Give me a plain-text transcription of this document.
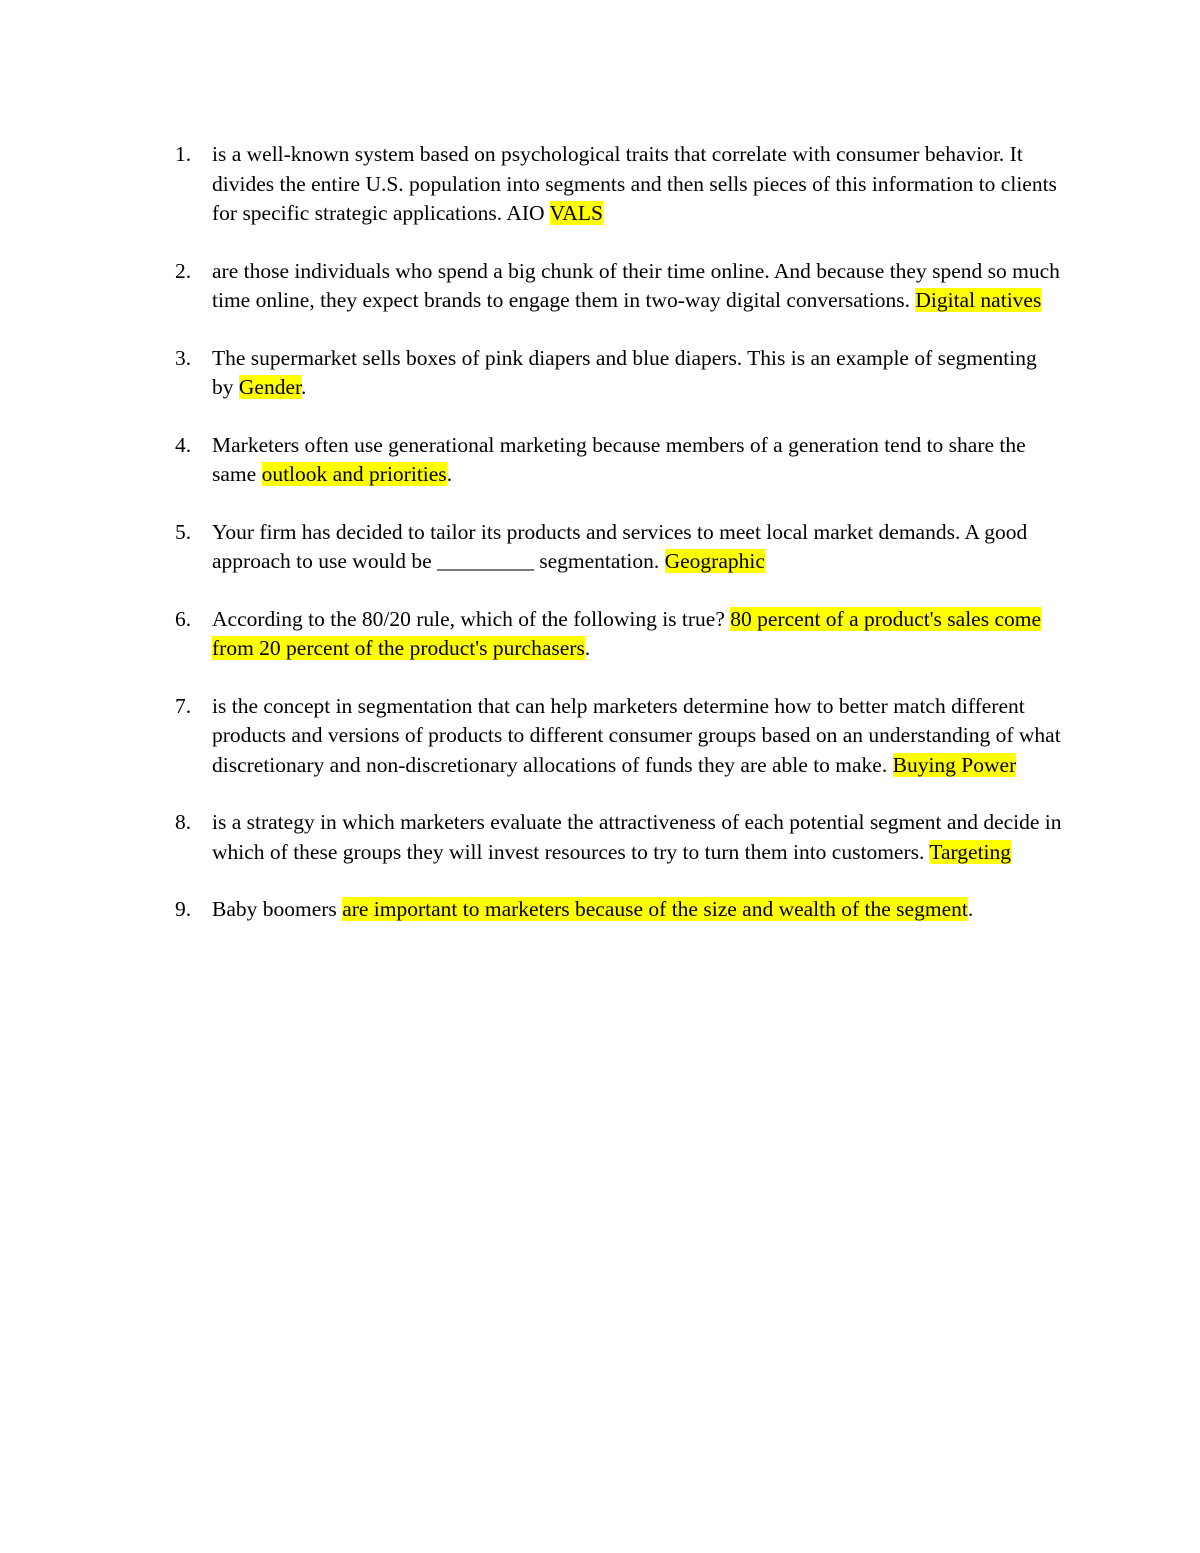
1. is a well-known system based on psychological traits that correlate with consumer behavior. It divides the entire U.S. population into segments and then sells pieces of this information to clients for specific strategic applications. AIO VALS
2. are those individuals who spend a big chunk of their time online. And because they spend so much time online, they expect brands to engage them in two-way digital conversations. Digital natives
3. The supermarket sells boxes of pink diapers and blue diapers. This is an example of segmenting by Gender.
4. Marketers often use generational marketing because members of a generation tend to share the same outlook and priorities.
5. Your firm has decided to tailor its products and services to meet local market demands. A good approach to use would be _________ segmentation. Geographic
6. According to the 80/20 rule, which of the following is true? 80 percent of a product's sales come from 20 percent of the product's purchasers.
7. is the concept in segmentation that can help marketers determine how to better match different products and versions of products to different consumer groups based on an understanding of what discretionary and non-discretionary allocations of funds they are able to make. Buying Power
8. is a strategy in which marketers evaluate the attractiveness of each potential segment and decide in which of these groups they will invest resources to try to turn them into customers. Targeting
9. Baby boomers are important to marketers because of the size and wealth of the segment.
